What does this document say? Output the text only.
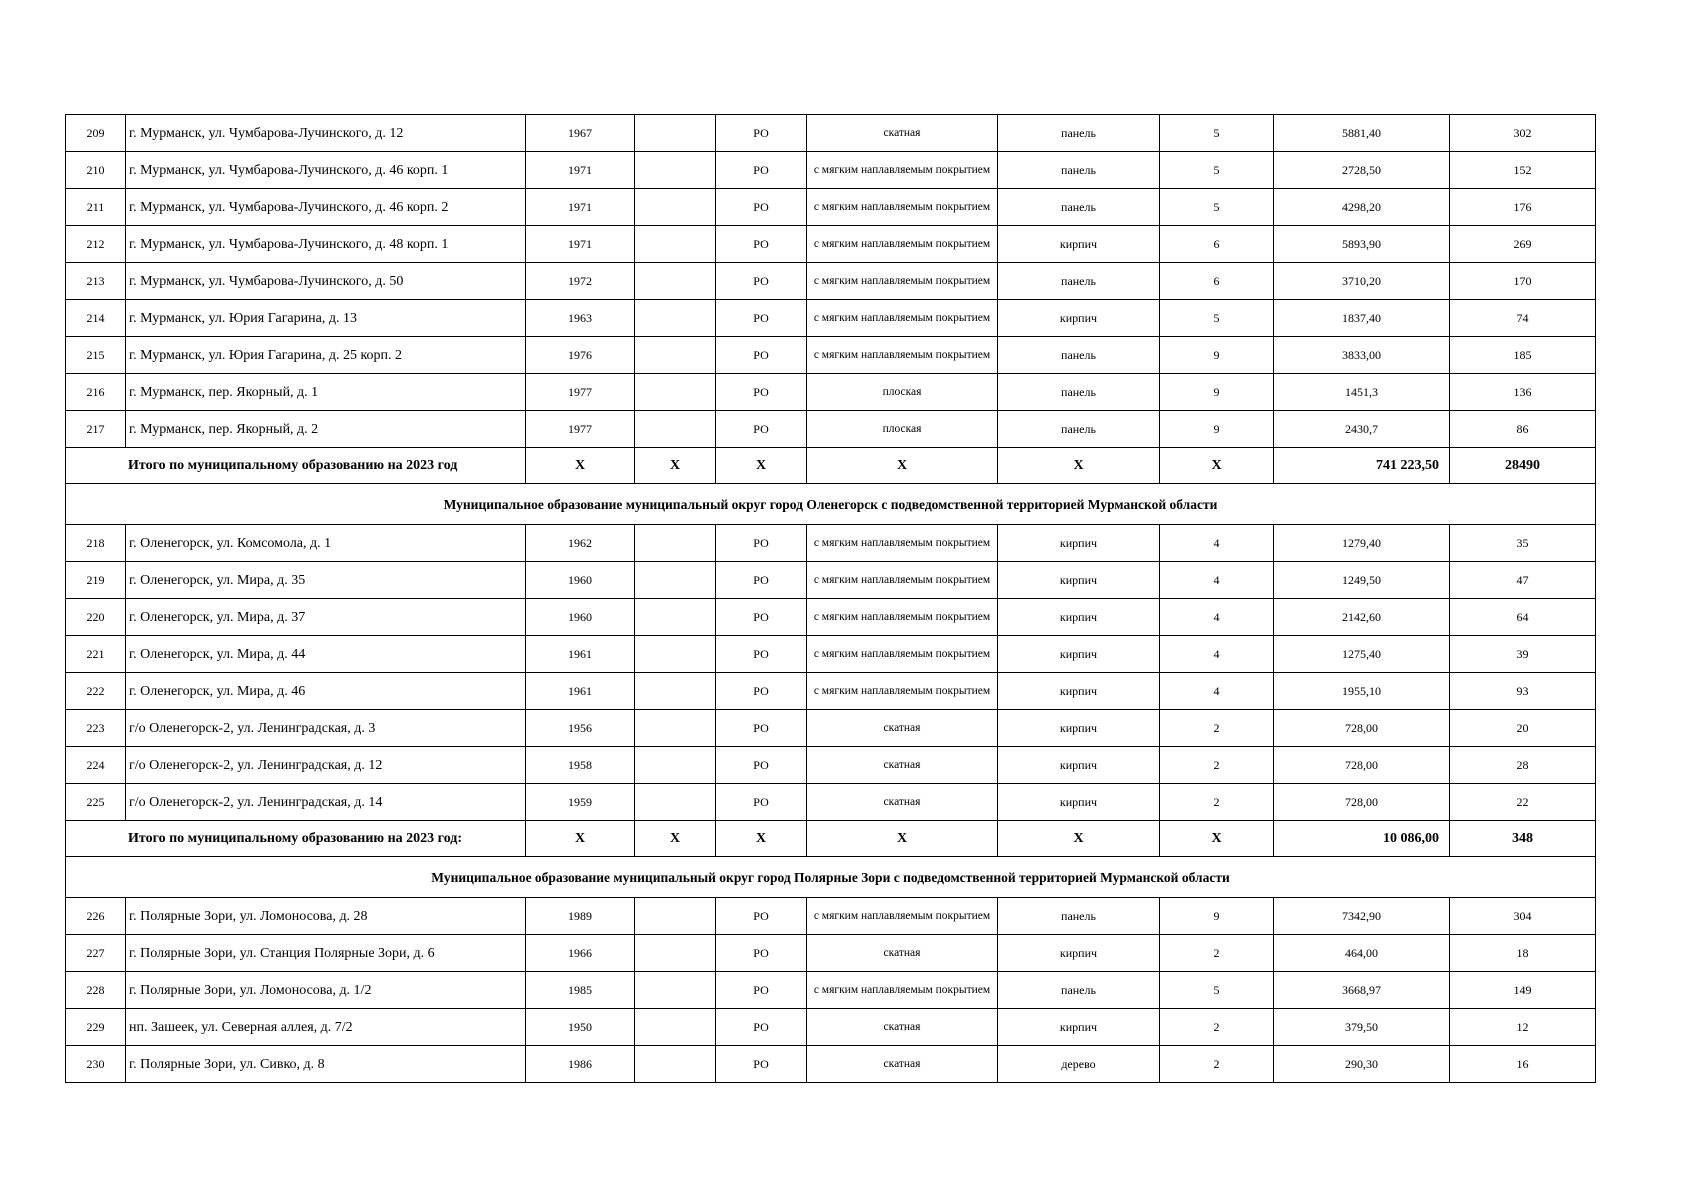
209	г. Мурманск, ул. Чумбарова-Лучинского, д. 12	1967		РО	скатная	панель	5	5881,40	302
210	г. Мурманск, ул. Чумбарова-Лучинского, д. 46 корп. 1	1971		РО	с мягким наплавляемым покрытием	панель	5	2728,50	152
211	г. Мурманск, ул. Чумбарова-Лучинского, д. 46 корп. 2	1971		РО	с мягким наплавляемым покрытием	панель	5	4298,20	176
212	г. Мурманск, ул. Чумбарова-Лучинского, д. 48 корп. 1	1971		РО	с мягким наплавляемым покрытием	кирпич	6	5893,90	269
213	г. Мурманск, ул. Чумбарова-Лучинского, д. 50	1972		РО	с мягким наплавляемым покрытием	панель	6	3710,20	170
214	г. Мурманск, ул. Юрия Гагарина, д. 13	1963		РО	с мягким наплавляемым покрытием	кирпич	5	1837,40	74
215	г. Мурманск, ул. Юрия Гагарина, д. 25 корп. 2	1976		РО	с мягким наплавляемым покрытием	панель	9	3833,00	185
216	г. Мурманск, пер. Якорный, д. 1	1977		РО	плоская	панель	9	1451,3	136
217	г. Мурманск, пер. Якорный, д. 2	1977		РО	плоская	панель	9	2430,7	86
Итого по муниципальному образованию на 2023 год		X	X	X	X	X	X	741 223,50	28490
Муниципальное образование муниципальный округ город Оленегорск с подведомственной территорией Мурманской области									
218	г. Оленегорск, ул. Комсомола, д. 1	1962		РО	с мягким наплавляемым покрытием	кирпич	4	1279,40	35
219	г. Оленегорск, ул. Мира, д. 35	1960		РО	с мягким наплавляемым покрытием	кирпич	4	1249,50	47
220	г. Оленегорск, ул. Мира, д. 37	1960		РО	с мягким наплавляемым покрытием	кирпич	4	2142,60	64
221	г. Оленегорск, ул. Мира, д. 44	1961		РО	с мягким наплавляемым покрытием	кирпич	4	1275,40	39
222	г. Оленегорск, ул. Мира, д. 46	1961		РО	с мягким наплавляемым покрытием	кирпич	4	1955,10	93
223	г/о Оленегорск-2, ул. Ленинградская, д. 3	1956		РО	скатная	кирпич	2	728,00	20
224	г/о Оленегорск-2, ул. Ленинградская, д. 12	1958		РО	скатная	кирпич	2	728,00	28
225	г/о Оленегорск-2, ул. Ленинградская, д. 14	1959		РО	скатная	кирпич	2	728,00	22
Итого по муниципальному образованию на 2023 год:		X	X	X	X	X	X	10 086,00	348
Муниципальное образование муниципальный округ город Полярные Зори с подведомственной территорией Мурманской области									
226	г. Полярные Зори, ул. Ломоносова, д. 28	1989		РО	с мягким наплавляемым покрытием	панель	9	7342,90	304
227	г. Полярные Зори, ул. Станция Полярные Зори, д. 6	1966		РО	скатная	кирпич	2	464,00	18
228	г. Полярные Зори, ул. Ломоносова, д. 1/2	1985		РО	с мягким наплавляемым покрытием	панель	5	3668,97	149
229	нп. Зашеек, ул. Северная аллея, д. 7/2	1950		РО	скатная	кирпич	2	379,50	12
230	г. Полярные Зори, ул. Сивко, д. 8	1986		РО	скатная	дерево	2	290,30	16
